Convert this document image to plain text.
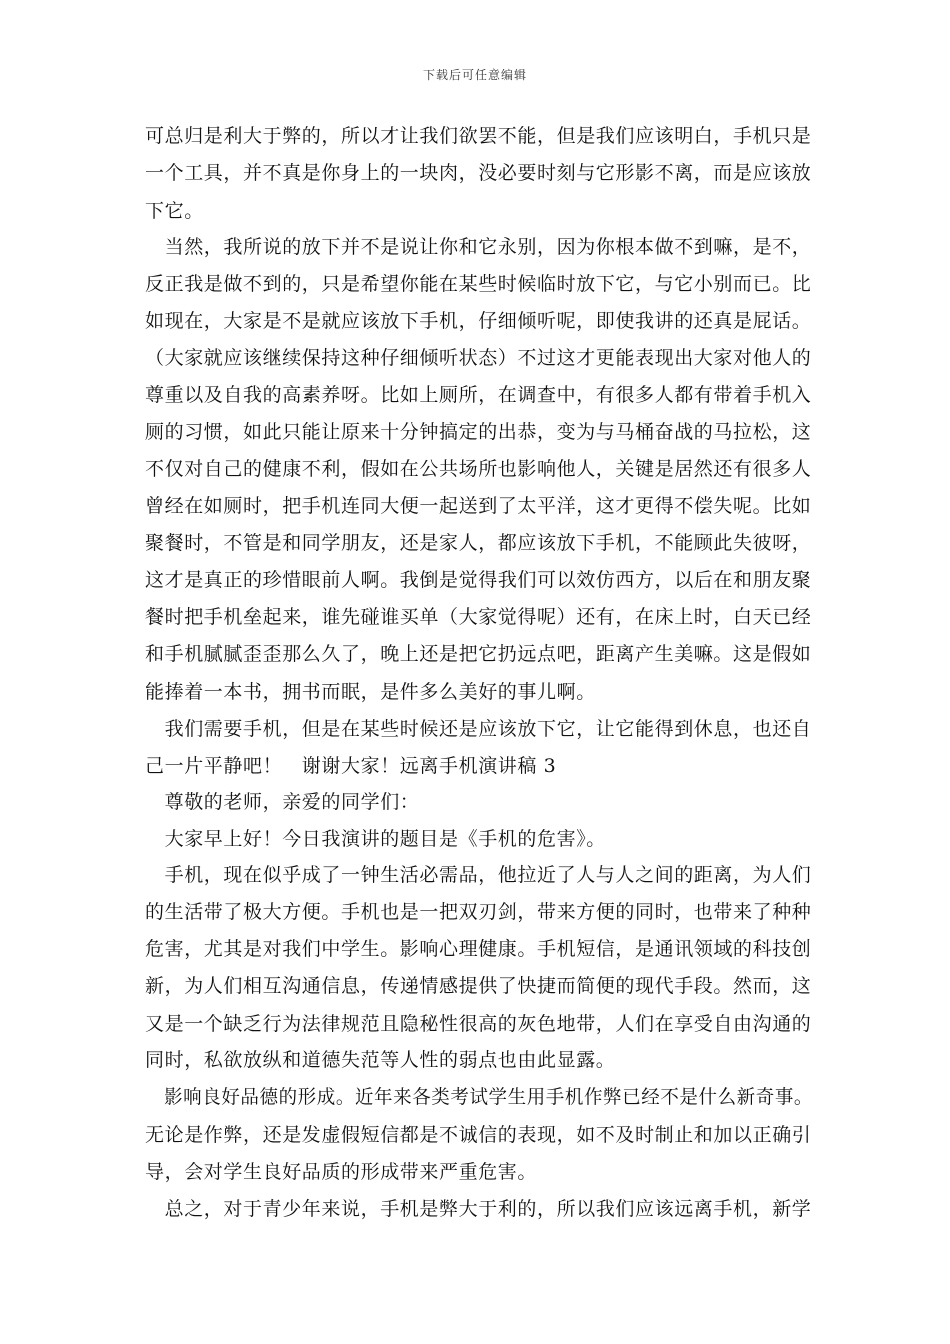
下载后可任意编辑
可总归是利大于弊的，所以才让我们欲罢不能，但是我们应该明白，手机只是
一个工具，并不真是你身上的一块肉，没必要时刻与它形影不离，而是应该放
下它。
　当然，我所说的放下并不是说让你和它永别，因为你根本做不到嘛，是不，
反正我是做不到的，只是希望你能在某些时候临时放下它，与它小别而已。比
如现在，大家是不是就应该放下手机，仔细倾听呢，即使我讲的还真是屁话。
（大家就应该继续保持这种仔细倾听状态）不过这才更能表现出大家对他人的
尊重以及自我的高素养呀。比如上厕所，在调查中，有很多人都有带着手机入
厕的习惯，如此只能让原来十分钟搞定的出恭，变为与马桶奋战的马拉松，这
不仅对自己的健康不利，假如在公共场所也影响他人，关键是居然还有很多人
曾经在如厕时，把手机连同大便一起送到了太平洋，这才更得不偿失呢。比如
聚餐时，不管是和同学朋友，还是家人，都应该放下手机，不能顾此失彼呀，
这才是真正的珍惜眼前人啊。我倒是觉得我们可以效仿西方，以后在和朋友聚
餐时把手机垒起来，谁先碰谁买单（大家觉得呢）还有，在床上时，白天已经
和手机腻腻歪歪那么久了，晚上还是把它扔远点吧，距离产生美嘛。这是假如
能捧着一本书，拥书而眠，是件多么美好的事儿啊。
　我们需要手机，但是在某些时候还是应该放下它，让它能得到休息，也还自
己一片平静吧！　谢谢大家！远离手机演讲稿 3
　尊敬的老师，亲爱的同学们：
　大家早上好！今日我演讲的题目是《手机的危害》。
　手机，现在似乎成了一钟生活必需品，他拉近了人与人之间的距离，为人们
的生活带了极大方便。手机也是一把双刃剑，带来方便的同时，也带来了种种
危害，尤其是对我们中学生。影响心理健康。手机短信，是通讯领域的科技创
新，为人们相互沟通信息，传递情感提供了快捷而简便的现代手段。然而，这
又是一个缺乏行为法律规范且隐秘性很高的灰色地带，人们在享受自由沟通的
同时，私欲放纵和道德失范等人性的弱点也由此显露。
　影响良好品德的形成。近年来各类考试学生用手机作弊已经不是什么新奇事。
无论是作弊，还是发虚假短信都是不诚信的表现，如不及时制止和加以正确引
导，会对学生良好品质的形成带来严重危害。
　总之，对于青少年来说，手机是弊大于利的，所以我们应该远离手机，新学
